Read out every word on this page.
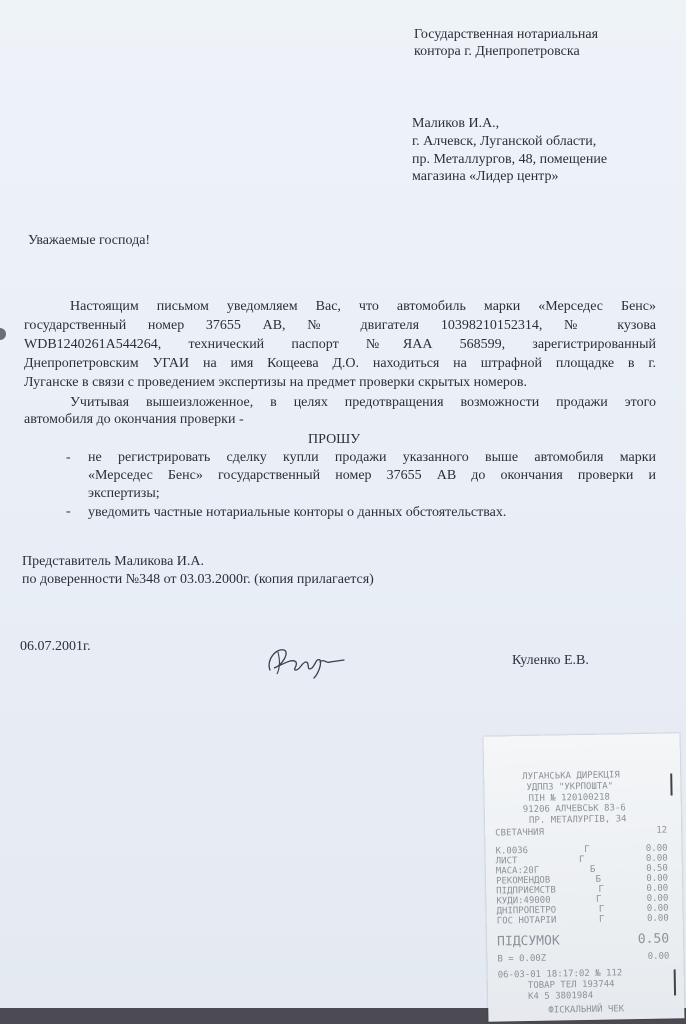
Государственная нотариальная
контора г. Днепропетровска
Маликов И.А.,
г. Алчевск, Луганской области,
пр. Металлургов, 48, помещение
магазина «Лидер центр»
Уважаемые господа!
Настоящим письмом уведомляем Вас, что автомобиль марки «Мерседес Бенс»
государственный номер 37655 АВ, № двигателя 10398210152314, № кузова
WDB1240261A544264, технический паспорт №ЯАА 568599, зарегистрированный
Днепропетровским УГАИ на имя Кощеева Д.О. находиться на штрафной площадке в г.
Луганске в связи с проведением экспертизы на предмет проверки скрытых номеров.
Учитывая вышеизложенное, в целях предотвращения возможности продажи этого
автомобиля до окончания проверки -
ПРОШУ
- не регистрировать сделку купли продажи указанного выше автомобиля марки
«Мерседес Бенс» государственный номер 37655 АВ до окончания проверки и
экспертизы;
- уведомить частные нотариальные конторы о данных обстоятельствах.
Представитель Маликова И.А.
по доверенности №348 от 03.03.2000г. (копия прилагается)
06.07.2001г.
Куленко Е.В.
ЛУГАНСЬКА ДИРЕКЦІЯ
УДППЗ "УКРПОШТА"
ПІН № 120100218
91206 АЛЧЕВСЬК 83-6
ПР. МЕТАЛУРГІВ, 34
СВЕТАЧНИЯ	12
К.0036	Г	0.00
ЛИСТ	Г	0.00
МАСА:20Г	Б	0.50
РЕКОМЕНДОВ	Б	0.00
ПІДПРИЄМСТВ	Г	0.00
КУДИ:49000	Г	0.00
ДНІПРОПЕТРО	Г	0.00
ГОС НОТАРІИ	Г	0.00
ПІДСУМОК	0.50
В = 0.00Z	0.00
06-03-01 18:17:02 № 112
ТОВАР ТЕЛ 193744
К4 5 3801984
ФІСКАЛЬНИЙ ЧЕК
